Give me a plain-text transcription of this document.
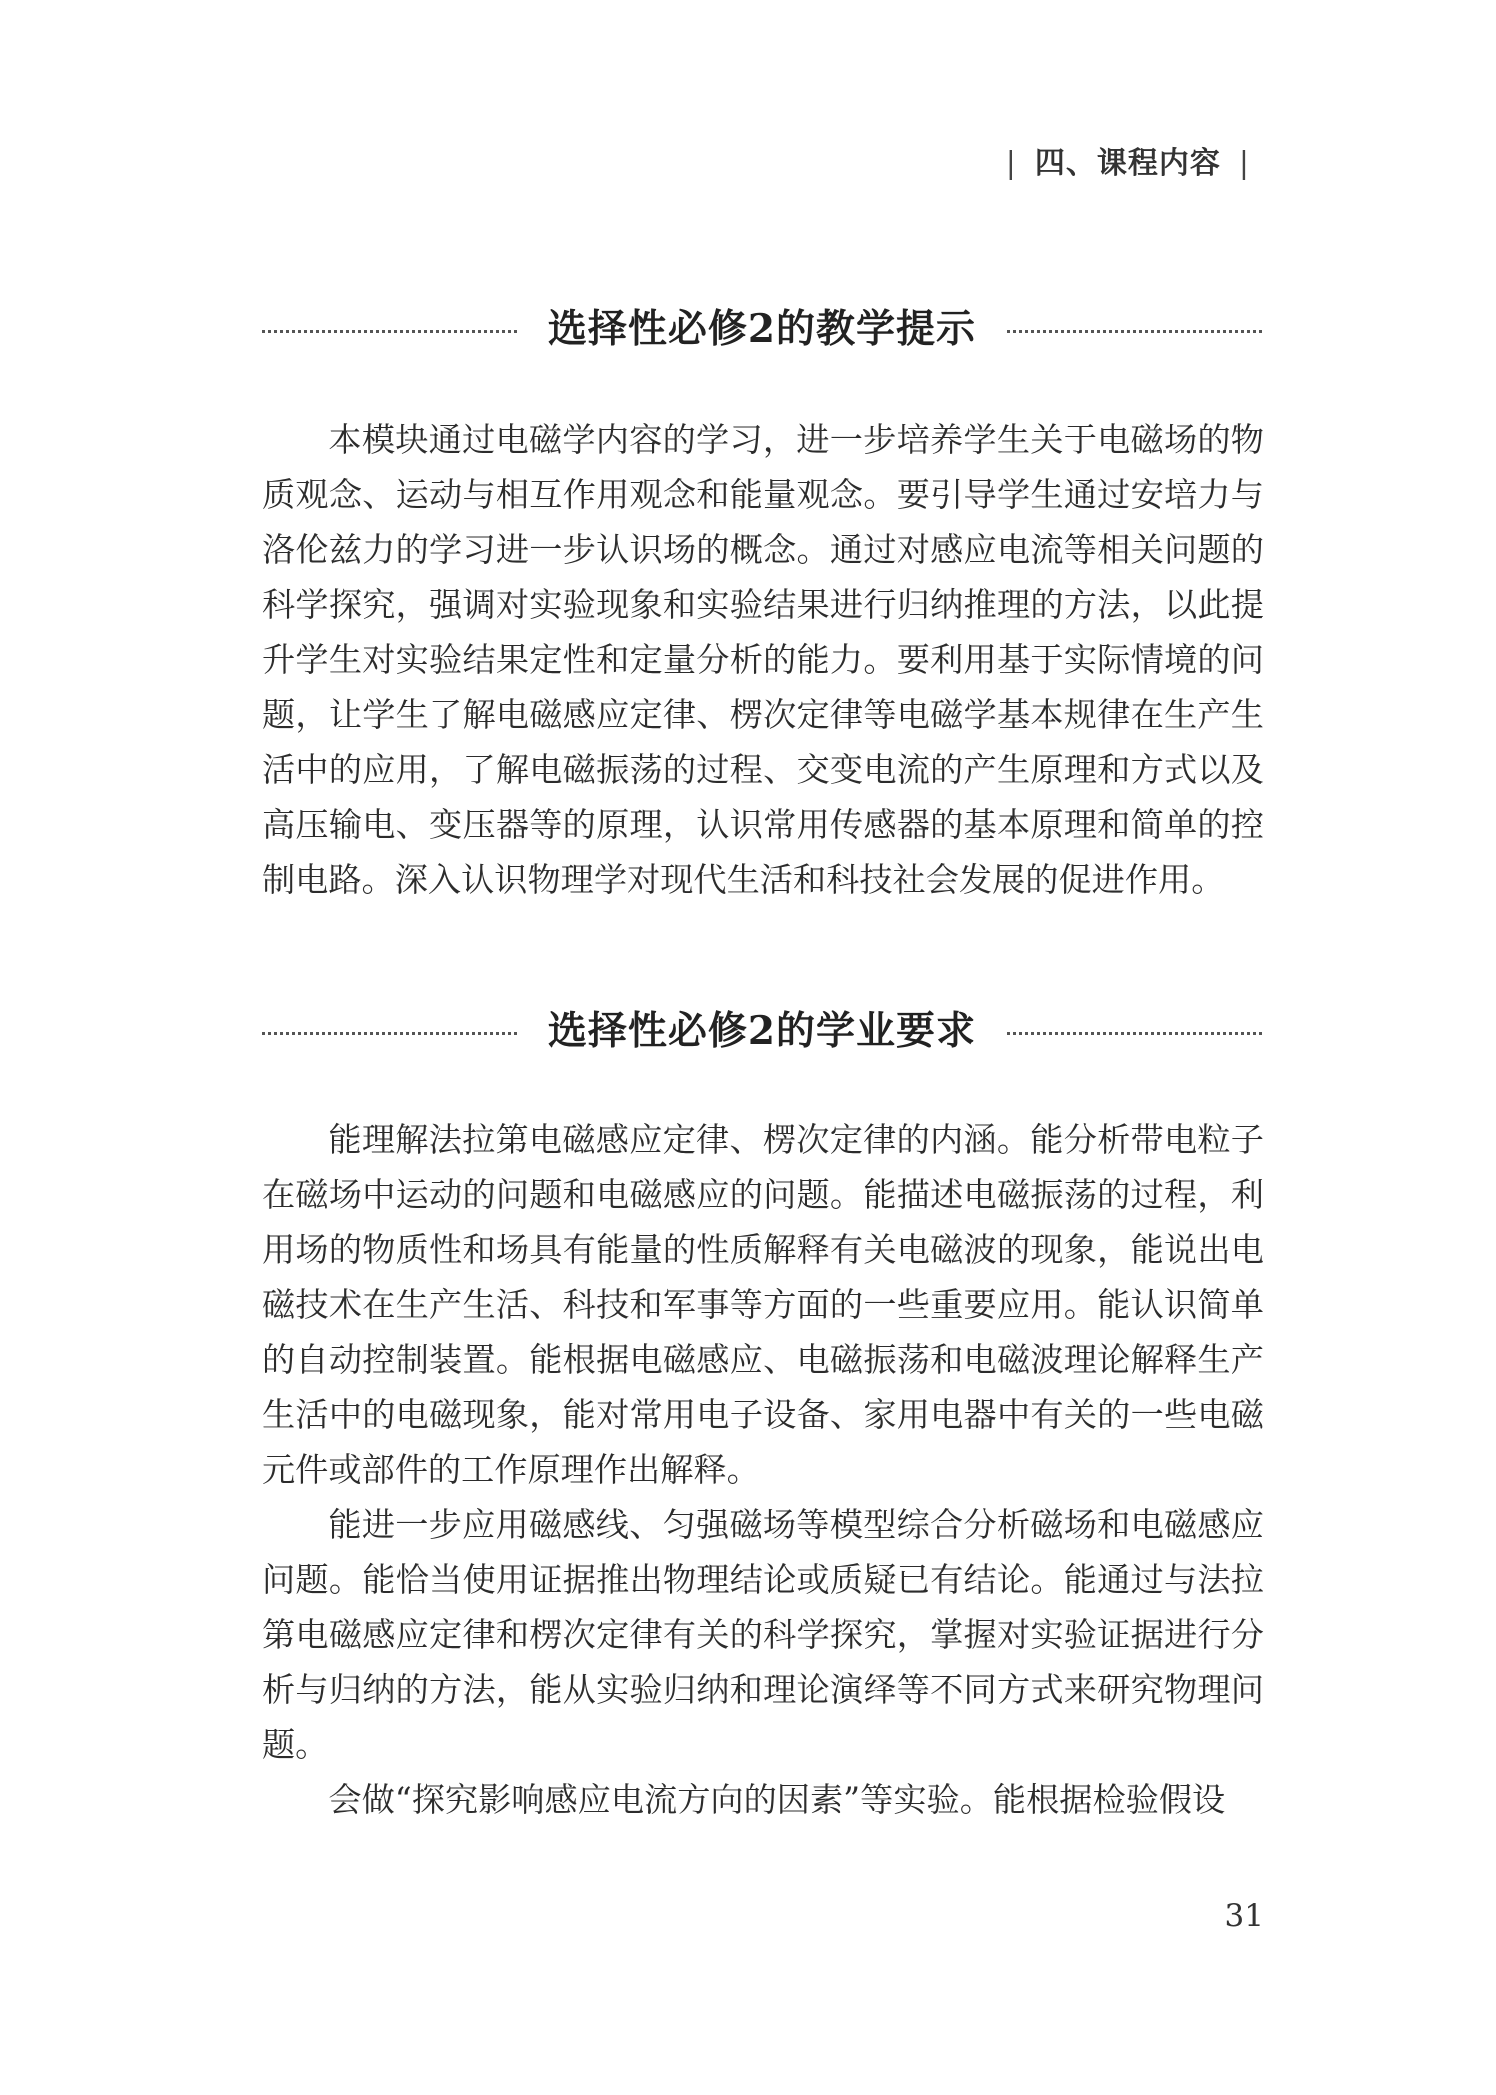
| 四、课程内容 |
选择性必修2的教学提示

本模块通过电磁学内容的学习，进一步培养学生关于电磁场的物质观念、运动与相互作用观念和能量观念。要引导学生通过安培力与洛伦兹力的学习进一步认识场的概念。通过对感应电流等相关问题的科学探究，强调对实验现象和实验结果进行归纳推理的方法，以此提升学生对实验结果定性和定量分析的能力。要利用基于实际情境的问题，让学生了解电磁感应定律、楞次定律等电磁学基本规律在生产生活中的应用，了解电磁振荡的过程、交变电流的产生原理和方式以及高压输电、变压器等的原理，认识常用传感器的基本原理和简单的控制电路。深入认识物理学对现代生活和科技社会发展的促进作用。

选择性必修2的学业要求

能理解法拉第电磁感应定律、楞次定律的内涵。能分析带电粒子在磁场中运动的问题和电磁感应的问题。能描述电磁振荡的过程，利用场的物质性和场具有能量的性质解释有关电磁波的现象，能说出电磁技术在生产生活、科技和军事等方面的一些重要应用。能认识简单的自动控制装置。能根据电磁感应、电磁振荡和电磁波理论解释生产生活中的电磁现象，能对常用电子设备、家用电器中有关的一些电磁元件或部件的工作原理作出解释。

能进一步应用磁感线、匀强磁场等模型综合分析磁场和电磁感应问题。能恰当使用证据推出物理结论或质疑已有结论。能通过与法拉第电磁感应定律和楞次定律有关的科学探究，掌握对实验证据进行分析与归纳的方法，能从实验归纳和理论演绎等不同方式来研究物理问题。

会做“探究影响感应电流方向的因素”等实验。能根据检验假设

31
